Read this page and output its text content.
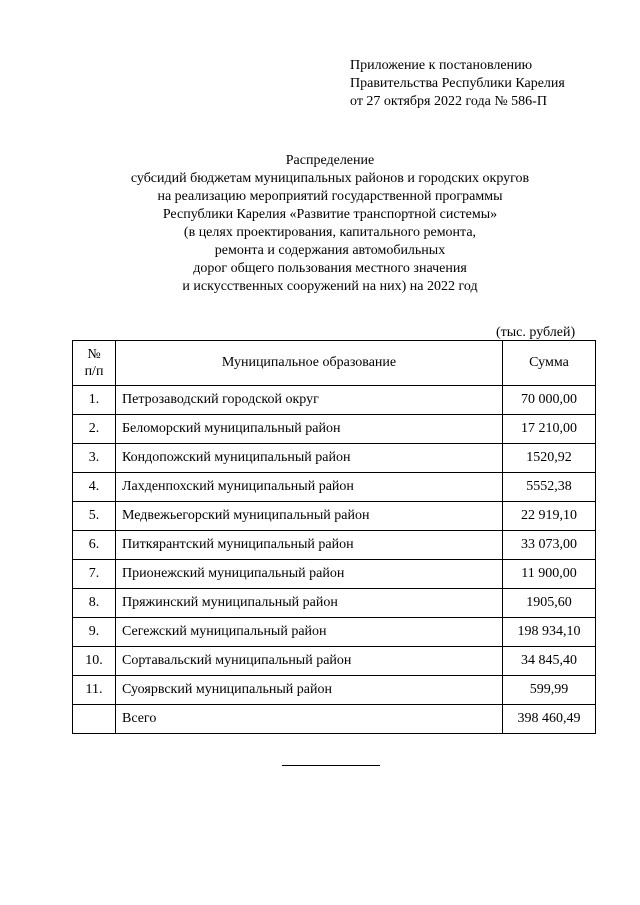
Приложение к постановлению
Правительства Республики Карелия
от 27 октября 2022 года № 586-П
Распределение
субсидий бюджетам муниципальных районов и городских округов
на реализацию мероприятий государственной программы
Республики Карелия «Развитие транспортной системы»
(в целях проектирования, капитального ремонта,
ремонта и содержания автомобильных
дорог общего пользования местного значения
и искусственных сооружений на них) на 2022 год
(тыс. рублей)
№
п/п	Муниципальное образование	Сумма
1.	Петрозаводский городской округ	70 000,00
2.	Беломорский муниципальный район	17 210,00
3.	Кондопожский муниципальный район	1520,92
4.	Лахденпохский муниципальный район	5552,38
5.	Медвежьегорский муниципальный район	22 919,10
6.	Питкярантский муниципальный район	33 073,00
7.	Прионежский муниципальный район	11 900,00
8.	Пряжинский муниципальный район	1905,60
9.	Сегежский муниципальный район	198 934,10
10.	Сортавальский муниципальный район	34 845,40
11.	Суоярвский муниципальный район	599,99
	Всего	398 460,49
